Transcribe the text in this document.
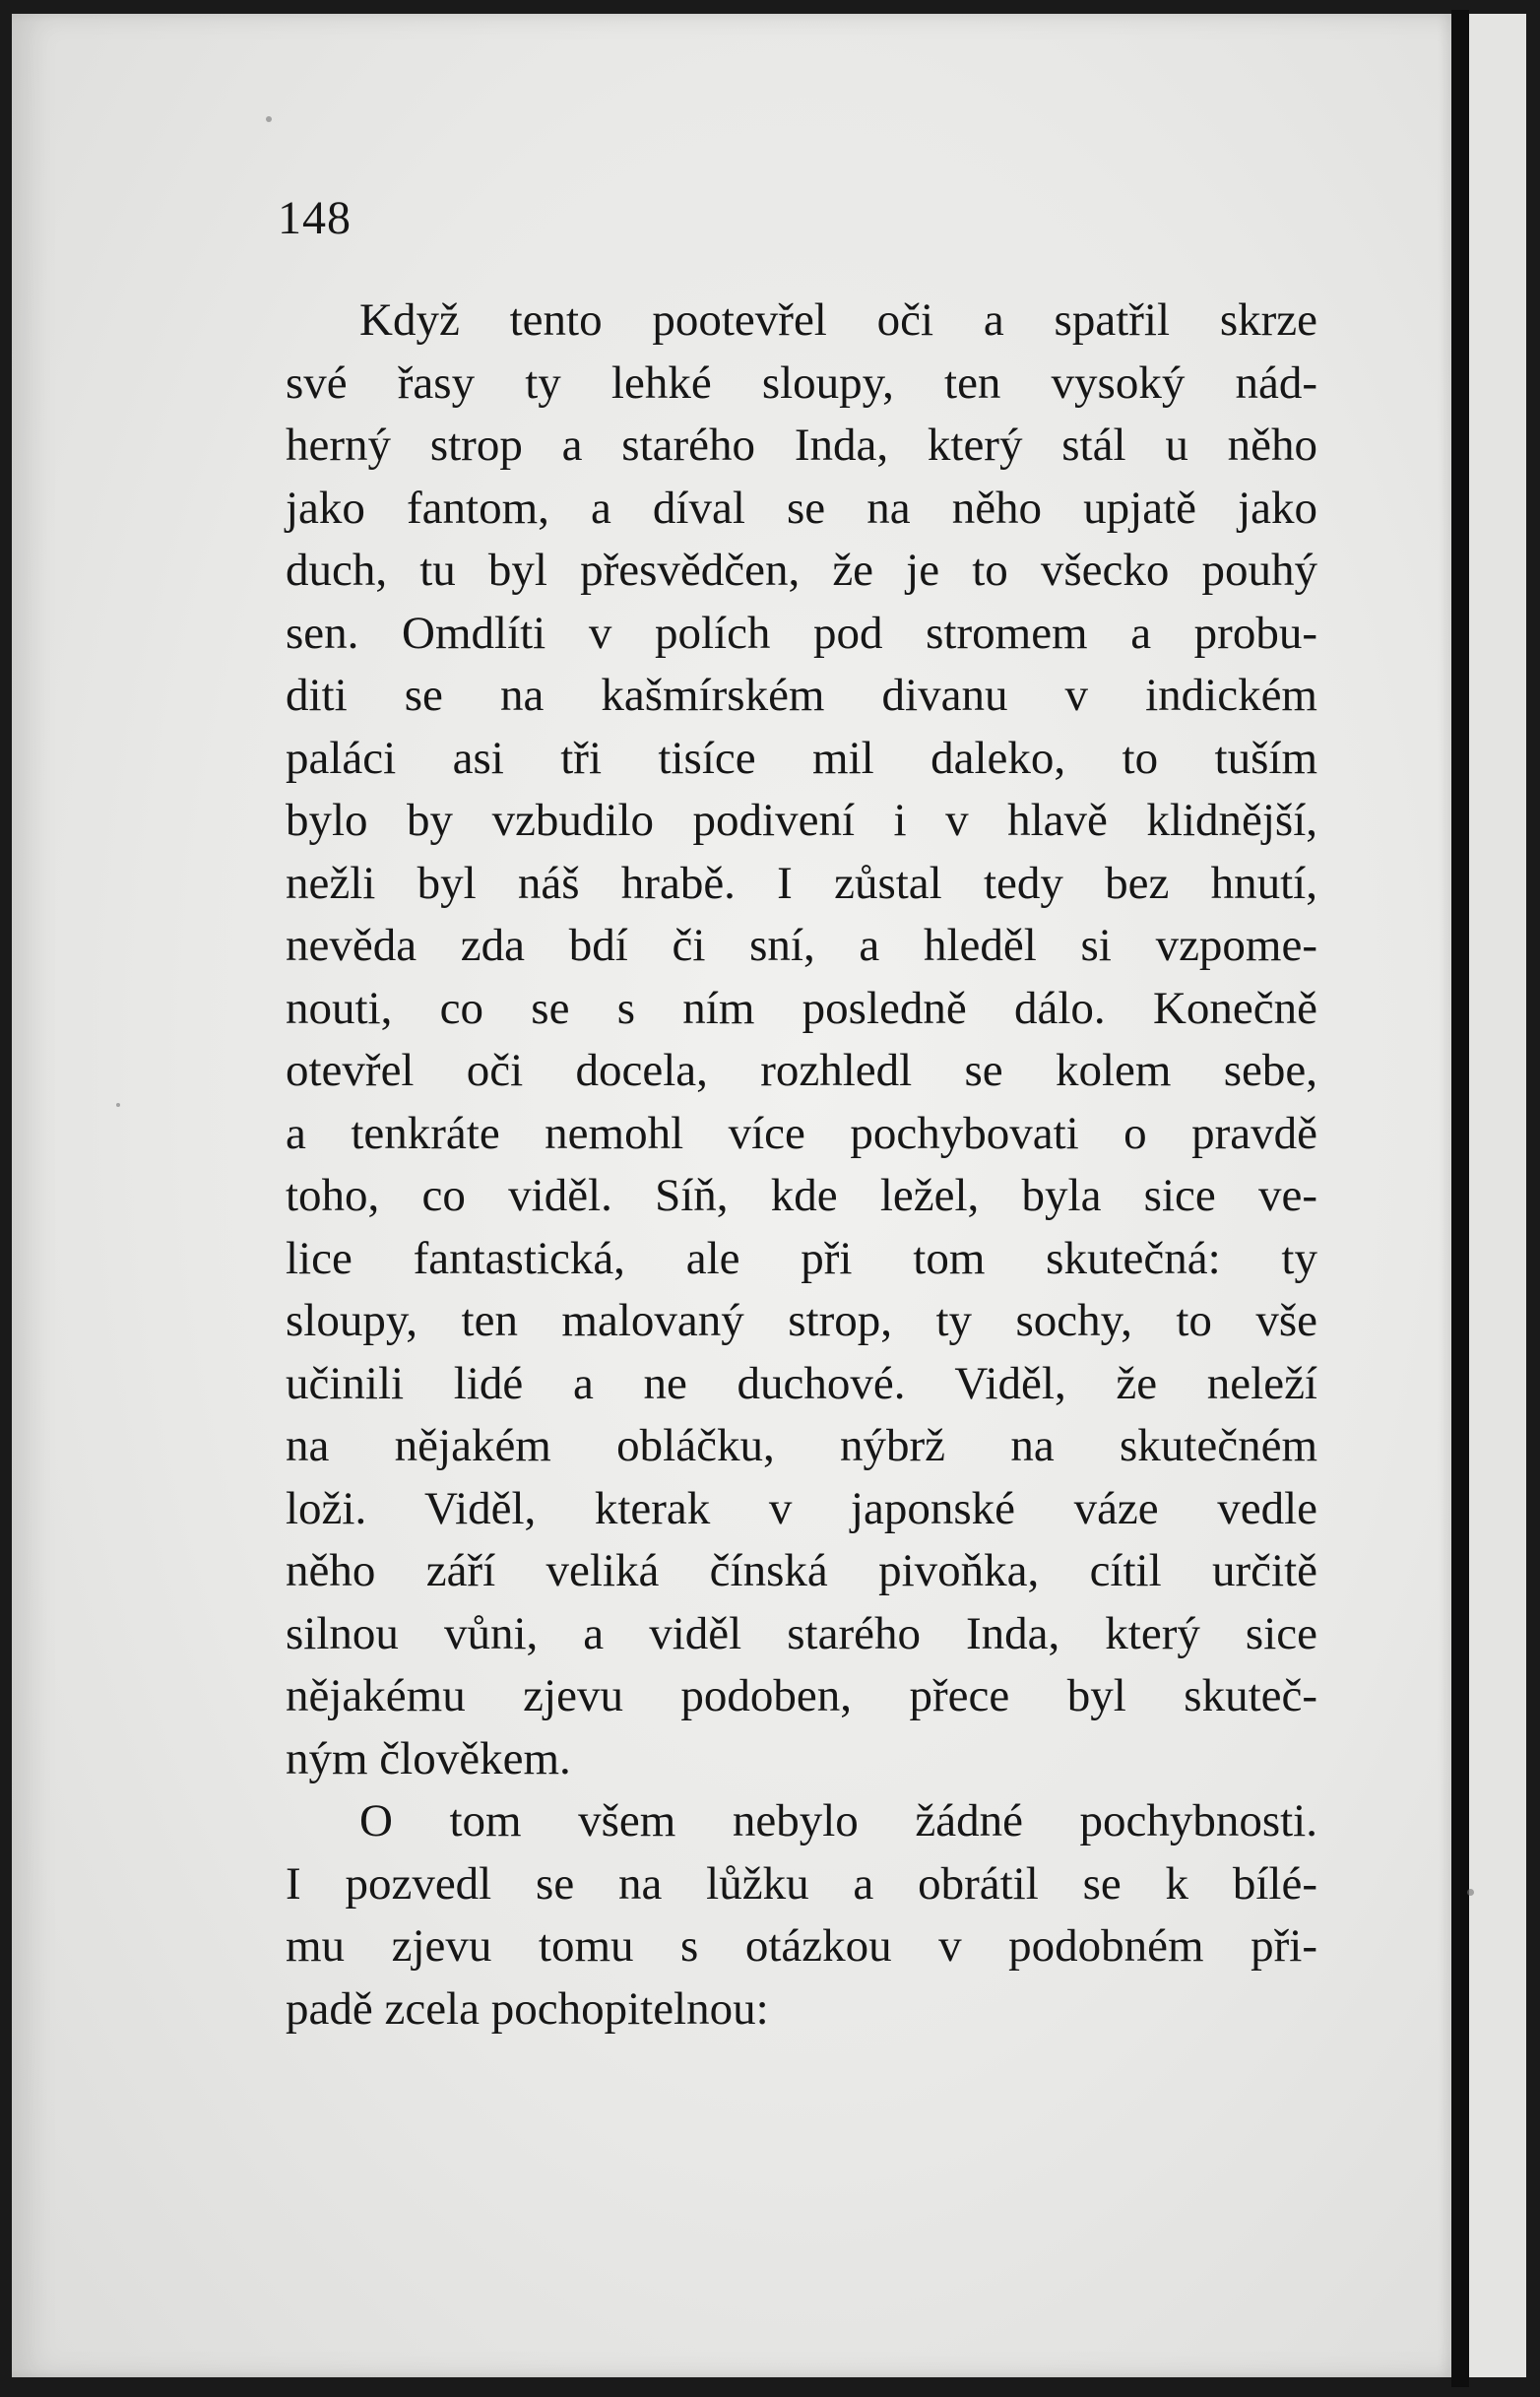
148

Když tento pootevřel oči a spatřil skrze
své řasy ty lehké sloupy, ten vysoký nád-
herný strop a starého Inda, který stál u něho
jako fantom, a díval se na něho upjatě jako
duch, tu byl přesvědčen, že je to všecko pouhý
sen. Omdlíti v polích pod stromem a probu-
diti se na kašmírském divanu v indickém
paláci asi tři tisíce mil daleko, to tuším
bylo by vzbudilo podivení i v hlavě klidnější,
nežli byl náš hrabě. I zůstal tedy bez hnutí,
nevěda zda bdí či sní, a hleděl si vzpome-
nouti, co se s ním posledně dálo. Konečně
otevřel oči docela, rozhledl se kolem sebe,
a tenkráte nemohl více pochybovati o pravdě
toho, co viděl. Síň, kde ležel, byla sice ve-
lice fantastická, ale při tom skutečná: ty
sloupy, ten malovaný strop, ty sochy, to vše
učinili lidé a ne duchové. Viděl, že neleží
na nějakém obláčku, nýbrž na skutečném
loži. Viděl, kterak v japonské váze vedle
něho září veliká čínská pivoňka, cítil určitě
silnou vůni, a viděl starého Inda, který sice
nějakému zjevu podoben, přece byl skuteč-
ným člověkem.

O tom všem nebylo žádné pochybnosti.
I pozvedl se na lůžku a obrátil se k bílé-
mu zjevu tomu s otázkou v podobném při-
padě zcela pochopitelnou:
